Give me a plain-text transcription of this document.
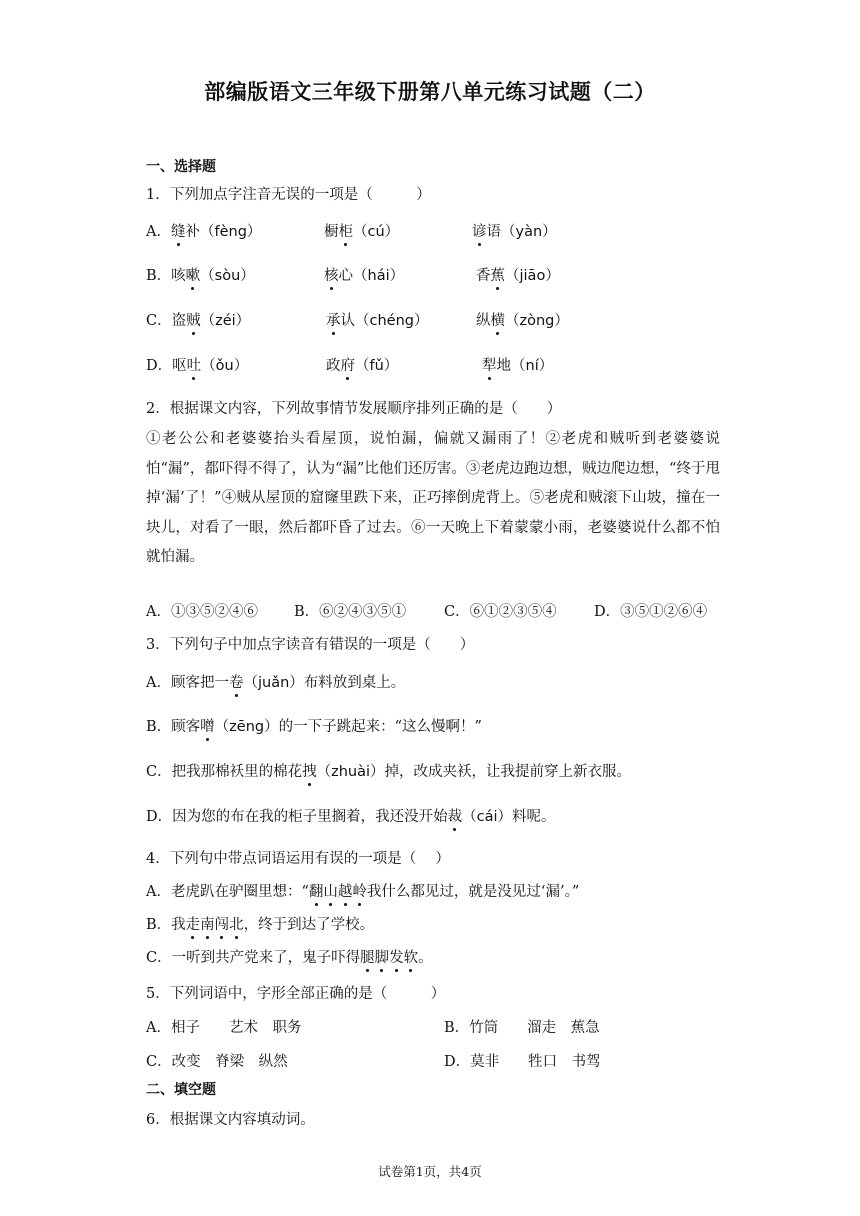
部编版语文三年级下册第八单元练习试题（二）
一、选择题
1．下列加点字注音无误的一项是（　　　）
A．缝补（fèng）	橱柜（cú）	谚语（yàn）
B．咳嗽（sòu）	核心（hái）	香蕉（jiāo）
C．盗贼（zéi）	承认（chéng）	纵横（zòng）
D．呕吐（ǒu）	政府（fǔ）	犁地（ní）
2．根据课文内容，下列故事情节发展顺序排列正确的是（　　）
①老公公和老婆婆抬头看屋顶，说怕漏，偏就又漏雨了！②老虎和贼听到老婆婆说怕“漏”，都吓得不得了，认为“漏”比他们还厉害。③老虎边跑边想，贼边爬边想，“终于甩掉‘漏’了！”④贼从屋顶的窟窿里跌下来，正巧摔倒虎背上。⑤老虎和贼滚下山坡，撞在一块儿，对看了一眼，然后都吓昏了过去。⑥一天晚上下着蒙蒙小雨，老婆婆说什么都不怕就怕漏。
A．①③⑤②④⑥ B．⑥②④③⑤①	C．⑥①②③⑤④	D．③⑤①②⑥④
3．下列句子中加点字读音有错误的一项是（　　）
A．顾客把一卷（juǎn）布料放到桌上。
B．顾客噌（zēng）的一下子跳起来：“这么慢啊！”
C．把我那棉袄里的棉花拽（zhuài）掉，改成夹袄，让我提前穿上新衣服。
D．因为您的布在我的柜子里搁着，我还没开始裁（cái）料呢。
4．下列句中带点词语运用有误的一项是（　 ）
A．老虎趴在驴圈里想：“翻山越岭我什么都见过，就是没见过‘漏’。”
B．我走南闯北，终于到达了学校。
C．一听到共产党来了，鬼子吓得腿脚发软。
5．下列词语中，字形全部正确的是（　　　）
A．相子　　艺术　职务	B．竹筒　　溜走　蕉急
C．改变　脊梁　纵然	D．莫非　　牲口　书驾
二、填空题
6．根据课文内容填动词。
试卷第1页，共4页
